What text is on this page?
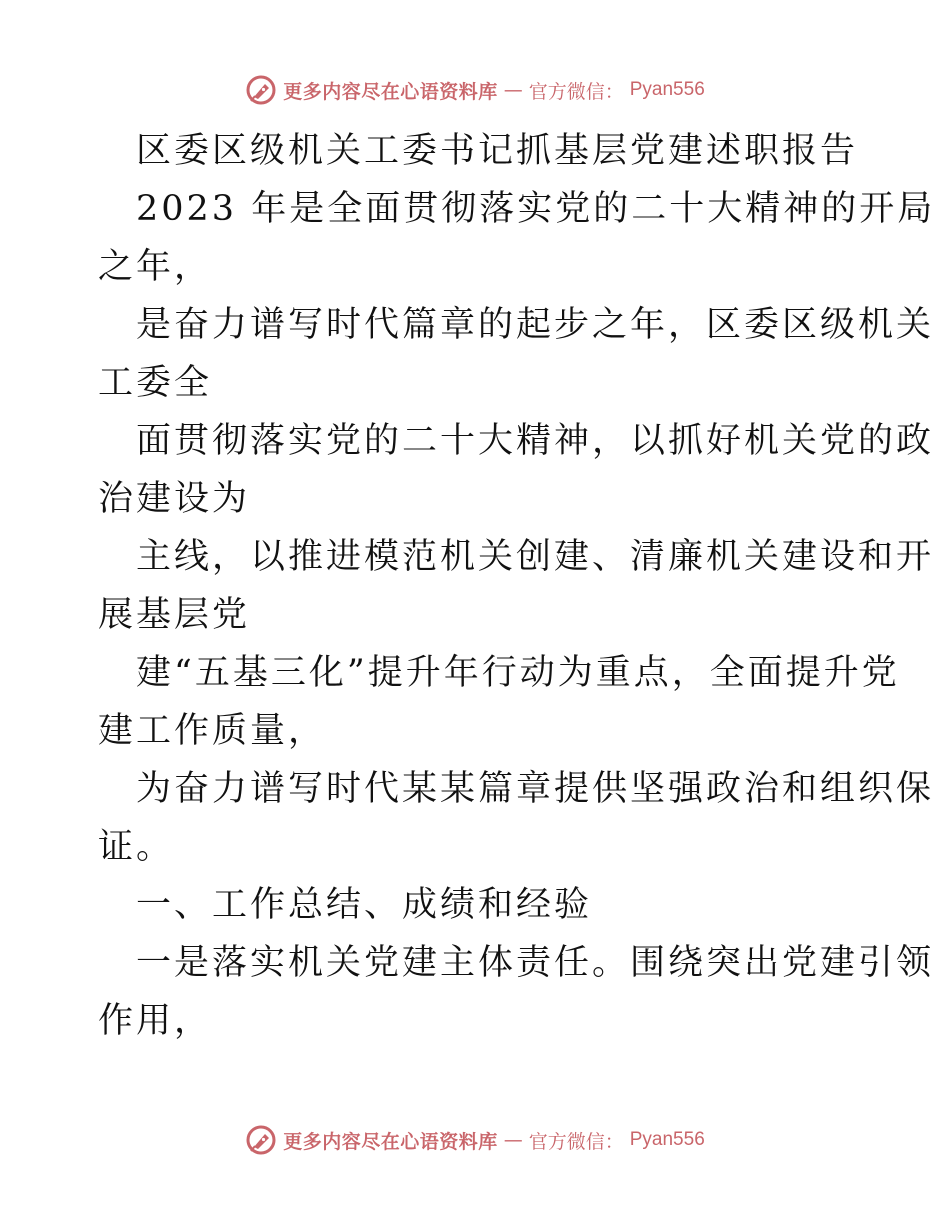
更多内容尽在心语资料库 — 官方微信： Pyan556
区委区级机关工委书记抓基层党建述职报告
2023 年是全面贯彻落实党的二十大精神的开局
之年，
是奋力谱写时代篇章的起步之年，区委区级机关
工委全
面贯彻落实党的二十大精神，以抓好机关党的政
治建设为
主线，以推进模范机关创建、清廉机关建设和开
展基层党
建“五基三化”提升年行动为重点，全面提升党
建工作质量，
为奋力谱写时代某某篇章提供坚强政治和组织保
证。
一、工作总结、成绩和经验
一是落实机关党建主体责任。围绕突出党建引领
作用，
更多内容尽在心语资料库 — 官方微信： Pyan556
